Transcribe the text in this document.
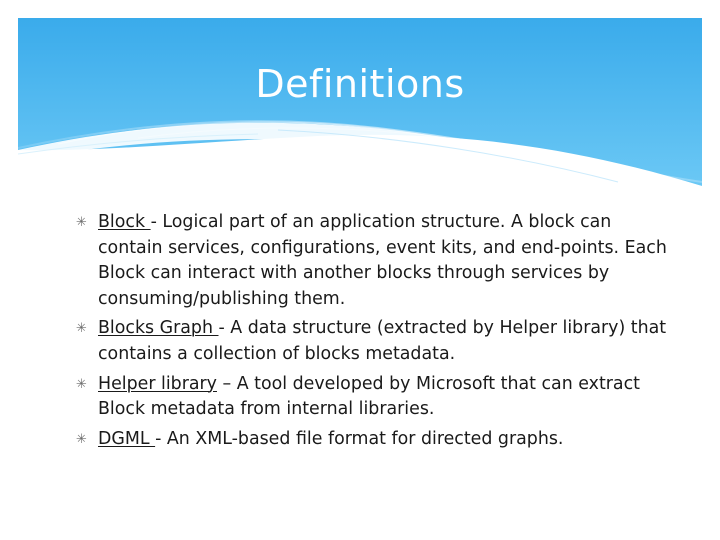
Definitions
✳ Block - Logical part of an application structure. A block can contain services, configurations, event kits, and end-points. Each Block can interact with another blocks through services by consuming/publishing them.
✳ Blocks Graph - A data structure (extracted by Helper library) that contains a collection of blocks metadata.
✳ Helper library – A tool developed by Microsoft that can extract Block metadata from internal libraries.
✳ DGML - An XML-based file format for directed graphs.
